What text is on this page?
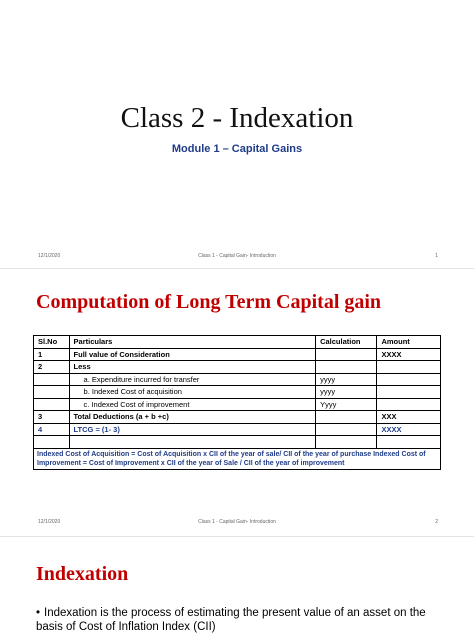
Class 2 - Indexation
Module 1 – Capital Gains
12/1/2020	Class 1 - Capital Gain- Introduction	1
Computation of Long Term Capital gain
Sl.No	Particulars	Calculation	Amount
1	Full value of Consideration		XXXX
2	Less		
	a. Expenditure incurred for transfer	yyyy	
	b. Indexed Cost of acquisition	yyyy	
	c. Indexed Cost of improvement	Yyyy	
3	Total Deductions (a + b +c)		XXX
4	LTCG = (1- 3)		XXXX

Indexed Cost of Acquisition = Cost of Acquisition x CII of the year of sale/ CII of the year of purchase Indexed Cost of Improvement = Cost of Improvement x CII of the year of Sale / CII of the year of improvement			
12/1/2020	Class 1 - Capital Gain- Introduction	2
Indexation
• Indexation is the process of estimating the present value of an asset on the basis of Cost of Inflation Index (CII)
